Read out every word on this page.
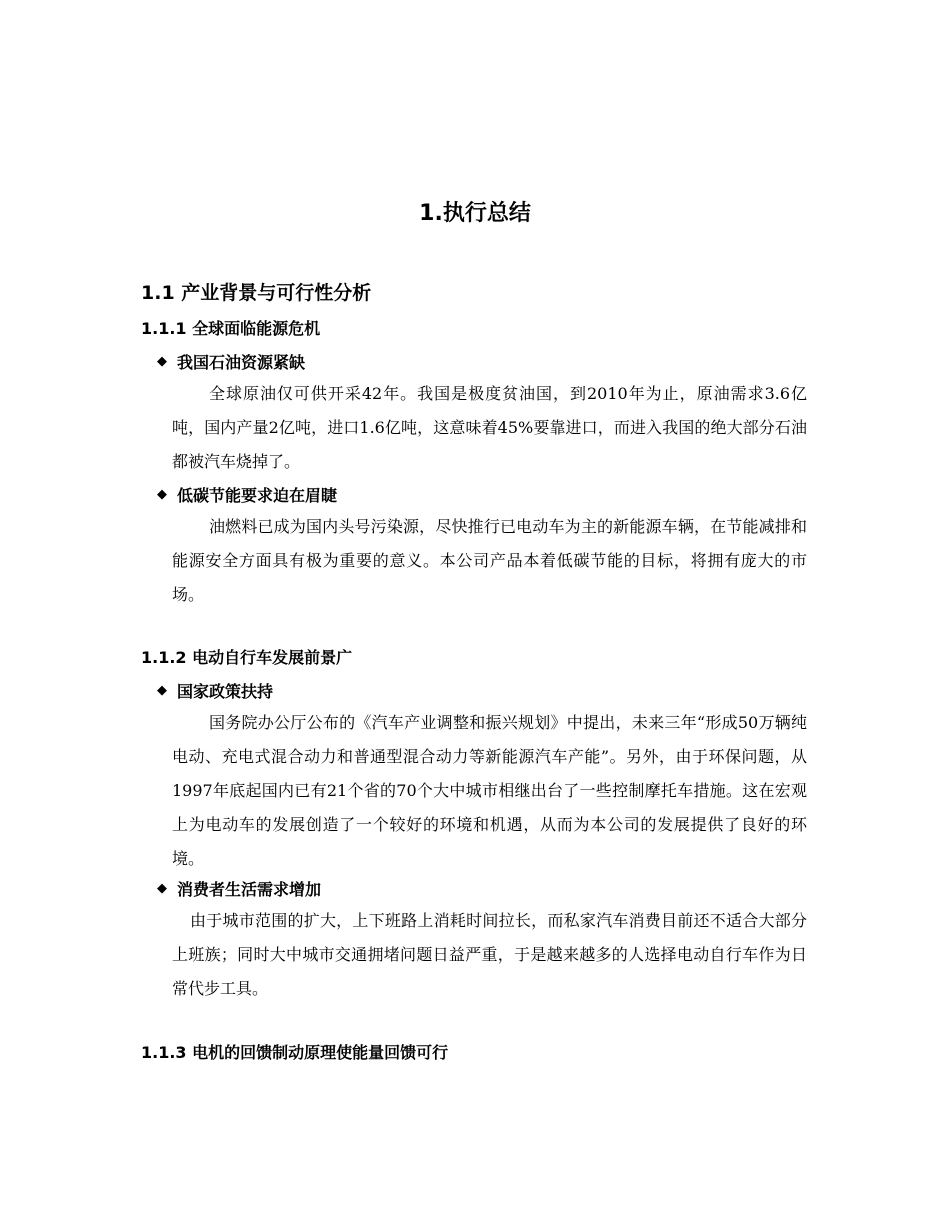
1.执行总结
1.1 产业背景与可行性分析
1.1.1 全球面临能源危机
◆ 我国石油资源紧缺
全球原油仅可供开采42年。我国是极度贫油国，到2010年为止，原油需求3.6亿吨，国内产量2亿吨，进口1.6亿吨，这意味着45%要靠进口，而进入我国的绝大部分石油都被汽车烧掉了。
◆ 低碳节能要求迫在眉睫
油燃料已成为国内头号污染源，尽快推行已电动车为主的新能源车辆，在节能减排和能源安全方面具有极为重要的意义。本公司产品本着低碳节能的目标，将拥有庞大的市场。
1.1.2 电动自行车发展前景广
◆ 国家政策扶持
国务院办公厅公布的《汽车产业调整和振兴规划》中提出，未来三年“形成50万辆纯电动、充电式混合动力和普通型混合动力等新能源汽车产能”。另外，由于环保问题，从1997年底起国内已有21个省的70个大中城市相继出台了一些控制摩托车措施。这在宏观上为电动车的发展创造了一个较好的环境和机遇，从而为本公司的发展提供了良好的环境。
◆ 消费者生活需求增加
由于城市范围的扩大，上下班路上消耗时间拉长，而私家汽车消费目前还不适合大部分上班族；同时大中城市交通拥堵问题日益严重，于是越来越多的人选择电动自行车作为日常代步工具。
1.1.3 电机的回馈制动原理使能量回馈可行
